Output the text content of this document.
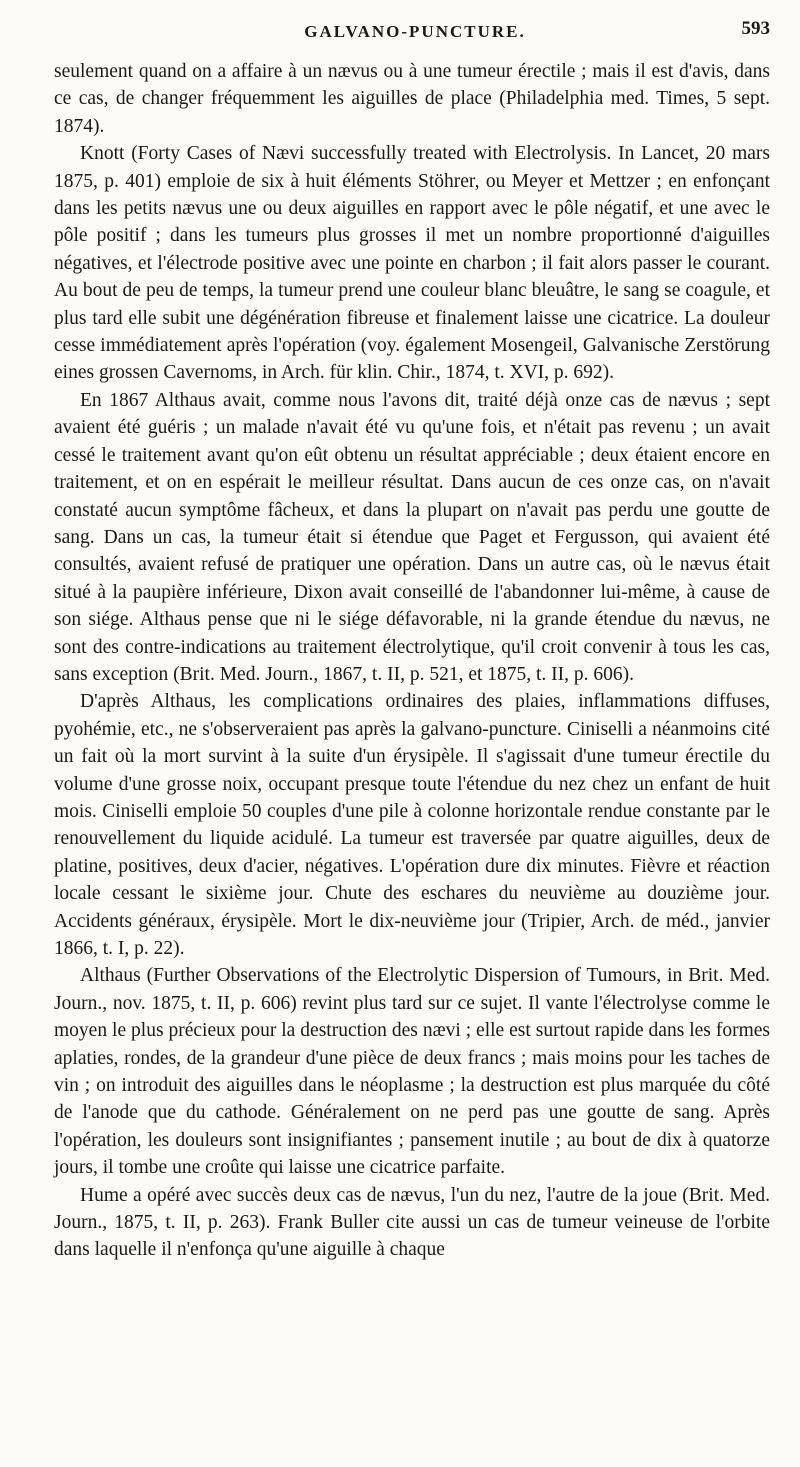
GALVANO-PUNCTURE.	593

seulement quand on a affaire à un nævus ou à une tumeur érectile ; mais il est d'avis, dans ce cas, de changer fréquemment les aiguilles de place (Philadelphia med. Times, 5 sept. 1874).

Knott (Forty Cases of Nævi successfully treated with Electrolysis. In Lancet, 20 mars 1875, p. 401) emploie de six à huit éléments Stöhrer, ou Meyer et Mettzer ; en enfonçant dans les petits nævus une ou deux aiguilles en rapport avec le pôle négatif, et une avec le pôle positif ; dans les tumeurs plus grosses il met un nombre proportionné d'aiguilles négatives, et l'électrode positive avec une pointe en charbon ; il fait alors passer le courant. Au bout de peu de temps, la tumeur prend une couleur blanc bleuâtre, le sang se coagule, et plus tard elle subit une dégénération fibreuse et finalement laisse une cicatrice. La douleur cesse immédiatement après l'opération (voy. également Mosengeil, Galvanische Zerstörung eines grossen Cavernoms, in Arch. für klin. Chir., 1874, t. XVI, p. 692).

En 1867 Althaus avait, comme nous l'avons dit, traité déjà onze cas de nævus ; sept avaient été guéris ; un malade n'avait été vu qu'une fois, et n'était pas revenu ; un avait cessé le traitement avant qu'on eût obtenu un résultat appréciable ; deux étaient encore en traitement, et on en espérait le meilleur résultat. Dans aucun de ces onze cas, on n'avait constaté aucun symptôme fâcheux, et dans la plupart on n'avait pas perdu une goutte de sang. Dans un cas, la tumeur était si étendue que Paget et Fergusson, qui avaient été consultés, avaient refusé de pratiquer une opération. Dans un autre cas, où le nævus était situé à la paupière inférieure, Dixon avait conseillé de l'abandonner lui-même, à cause de son siége. Althaus pense que ni le siége défavorable, ni la grande étendue du nævus, ne sont des contre-indications au traitement électrolytique, qu'il croit convenir à tous les cas, sans exception (Brit. Med. Journ., 1867, t. II, p. 521, et 1875, t. II, p. 606).

D'après Althaus, les complications ordinaires des plaies, inflammations diffuses, pyohémie, etc., ne s'observeraient pas après la galvano-puncture. Ciniselli a néanmoins cité un fait où la mort survint à la suite d'un érysipèle. Il s'agissait d'une tumeur érectile du volume d'une grosse noix, occupant presque toute l'étendue du nez chez un enfant de huit mois. Ciniselli emploie 50 couples d'une pile à colonne horizontale rendue constante par le renouvellement du liquide acidulé. La tumeur est traversée par quatre aiguilles, deux de platine, positives, deux d'acier, négatives. L'opération dure dix minutes. Fièvre et réaction locale cessant le sixième jour. Chute des eschares du neuvième au douzième jour. Accidents généraux, érysipèle. Mort le dix-neuvième jour (Tripier, Arch. de méd., janvier 1866, t. I, p. 22).

Althaus (Further Observations of the Electrolytic Dispersion of Tumours, in Brit. Med. Journ., nov. 1875, t. II, p. 606) revint plus tard sur ce sujet. Il vante l'électrolyse comme le moyen le plus précieux pour la destruction des nævi ; elle est surtout rapide dans les formes aplaties, rondes, de la grandeur d'une pièce de deux francs ; mais moins pour les taches de vin ; on introduit des aiguilles dans le néoplasme ; la destruction est plus marquée du côté de l'anode que du cathode. Généralement on ne perd pas une goutte de sang. Après l'opération, les douleurs sont insignifiantes ; pansement inutile ; au bout de dix à quatorze jours, il tombe une croûte qui laisse une cicatrice parfaite.

Hume a opéré avec succès deux cas de nævus, l'un du nez, l'autre de la joue (Brit. Med. Journ., 1875, t. II, p. 263). Frank Buller cite aussi un cas de tumeur veineuse de l'orbite dans laquelle il n'enfonça qu'une aiguille à chaque
